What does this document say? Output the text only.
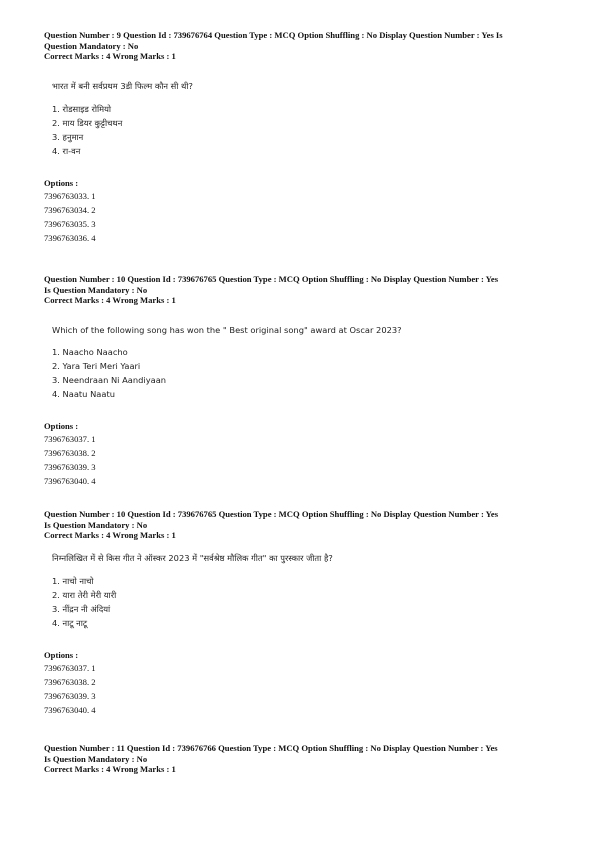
Question Number : 9 Question Id : 739676764 Question Type : MCQ Option Shuffling : No Display Question Number : Yes Is
Question Mandatory : No
Correct Marks : 4 Wrong Marks : 1
भारत में बनी सर्वप्रथम 3डी फिल्म कौन सी थी?
1. रोडसाइड रोमियो
2. माय डियर कुट्टीचथन
3. हनुमान
4. रा-वन
Options :
7396763033. 1
7396763034. 2
7396763035. 3
7396763036. 4
Question Number : 10 Question Id : 739676765 Question Type : MCQ Option Shuffling : No Display Question Number : Yes
Is Question Mandatory : No
Correct Marks : 4 Wrong Marks : 1
Which of the following song has won the " Best original song" award at Oscar 2023?
1. Naacho Naacho
2. Yara Teri Meri Yaari
3. Neendraan Ni Aandiyaan
4. Naatu Naatu
Options :
7396763037. 1
7396763038. 2
7396763039. 3
7396763040. 4
Question Number : 10 Question Id : 739676765 Question Type : MCQ Option Shuffling : No Display Question Number : Yes
Is Question Mandatory : No
Correct Marks : 4 Wrong Marks : 1
निम्नलिखित में से किस गीत ने ऑस्कर 2023 में "सर्वश्रेष्ठ मौलिक गीत" का पुरस्कार जीता है?
1. नाचो नाचो
2. यारा तेरी मेरी यारी
3. नींद्रन नी अंदियां
4. नाटू नाटू
Options :
7396763037. 1
7396763038. 2
7396763039. 3
7396763040. 4
Question Number : 11 Question Id : 739676766 Question Type : MCQ Option Shuffling : No Display Question Number : Yes
Is Question Mandatory : No
Correct Marks : 4 Wrong Marks : 1
